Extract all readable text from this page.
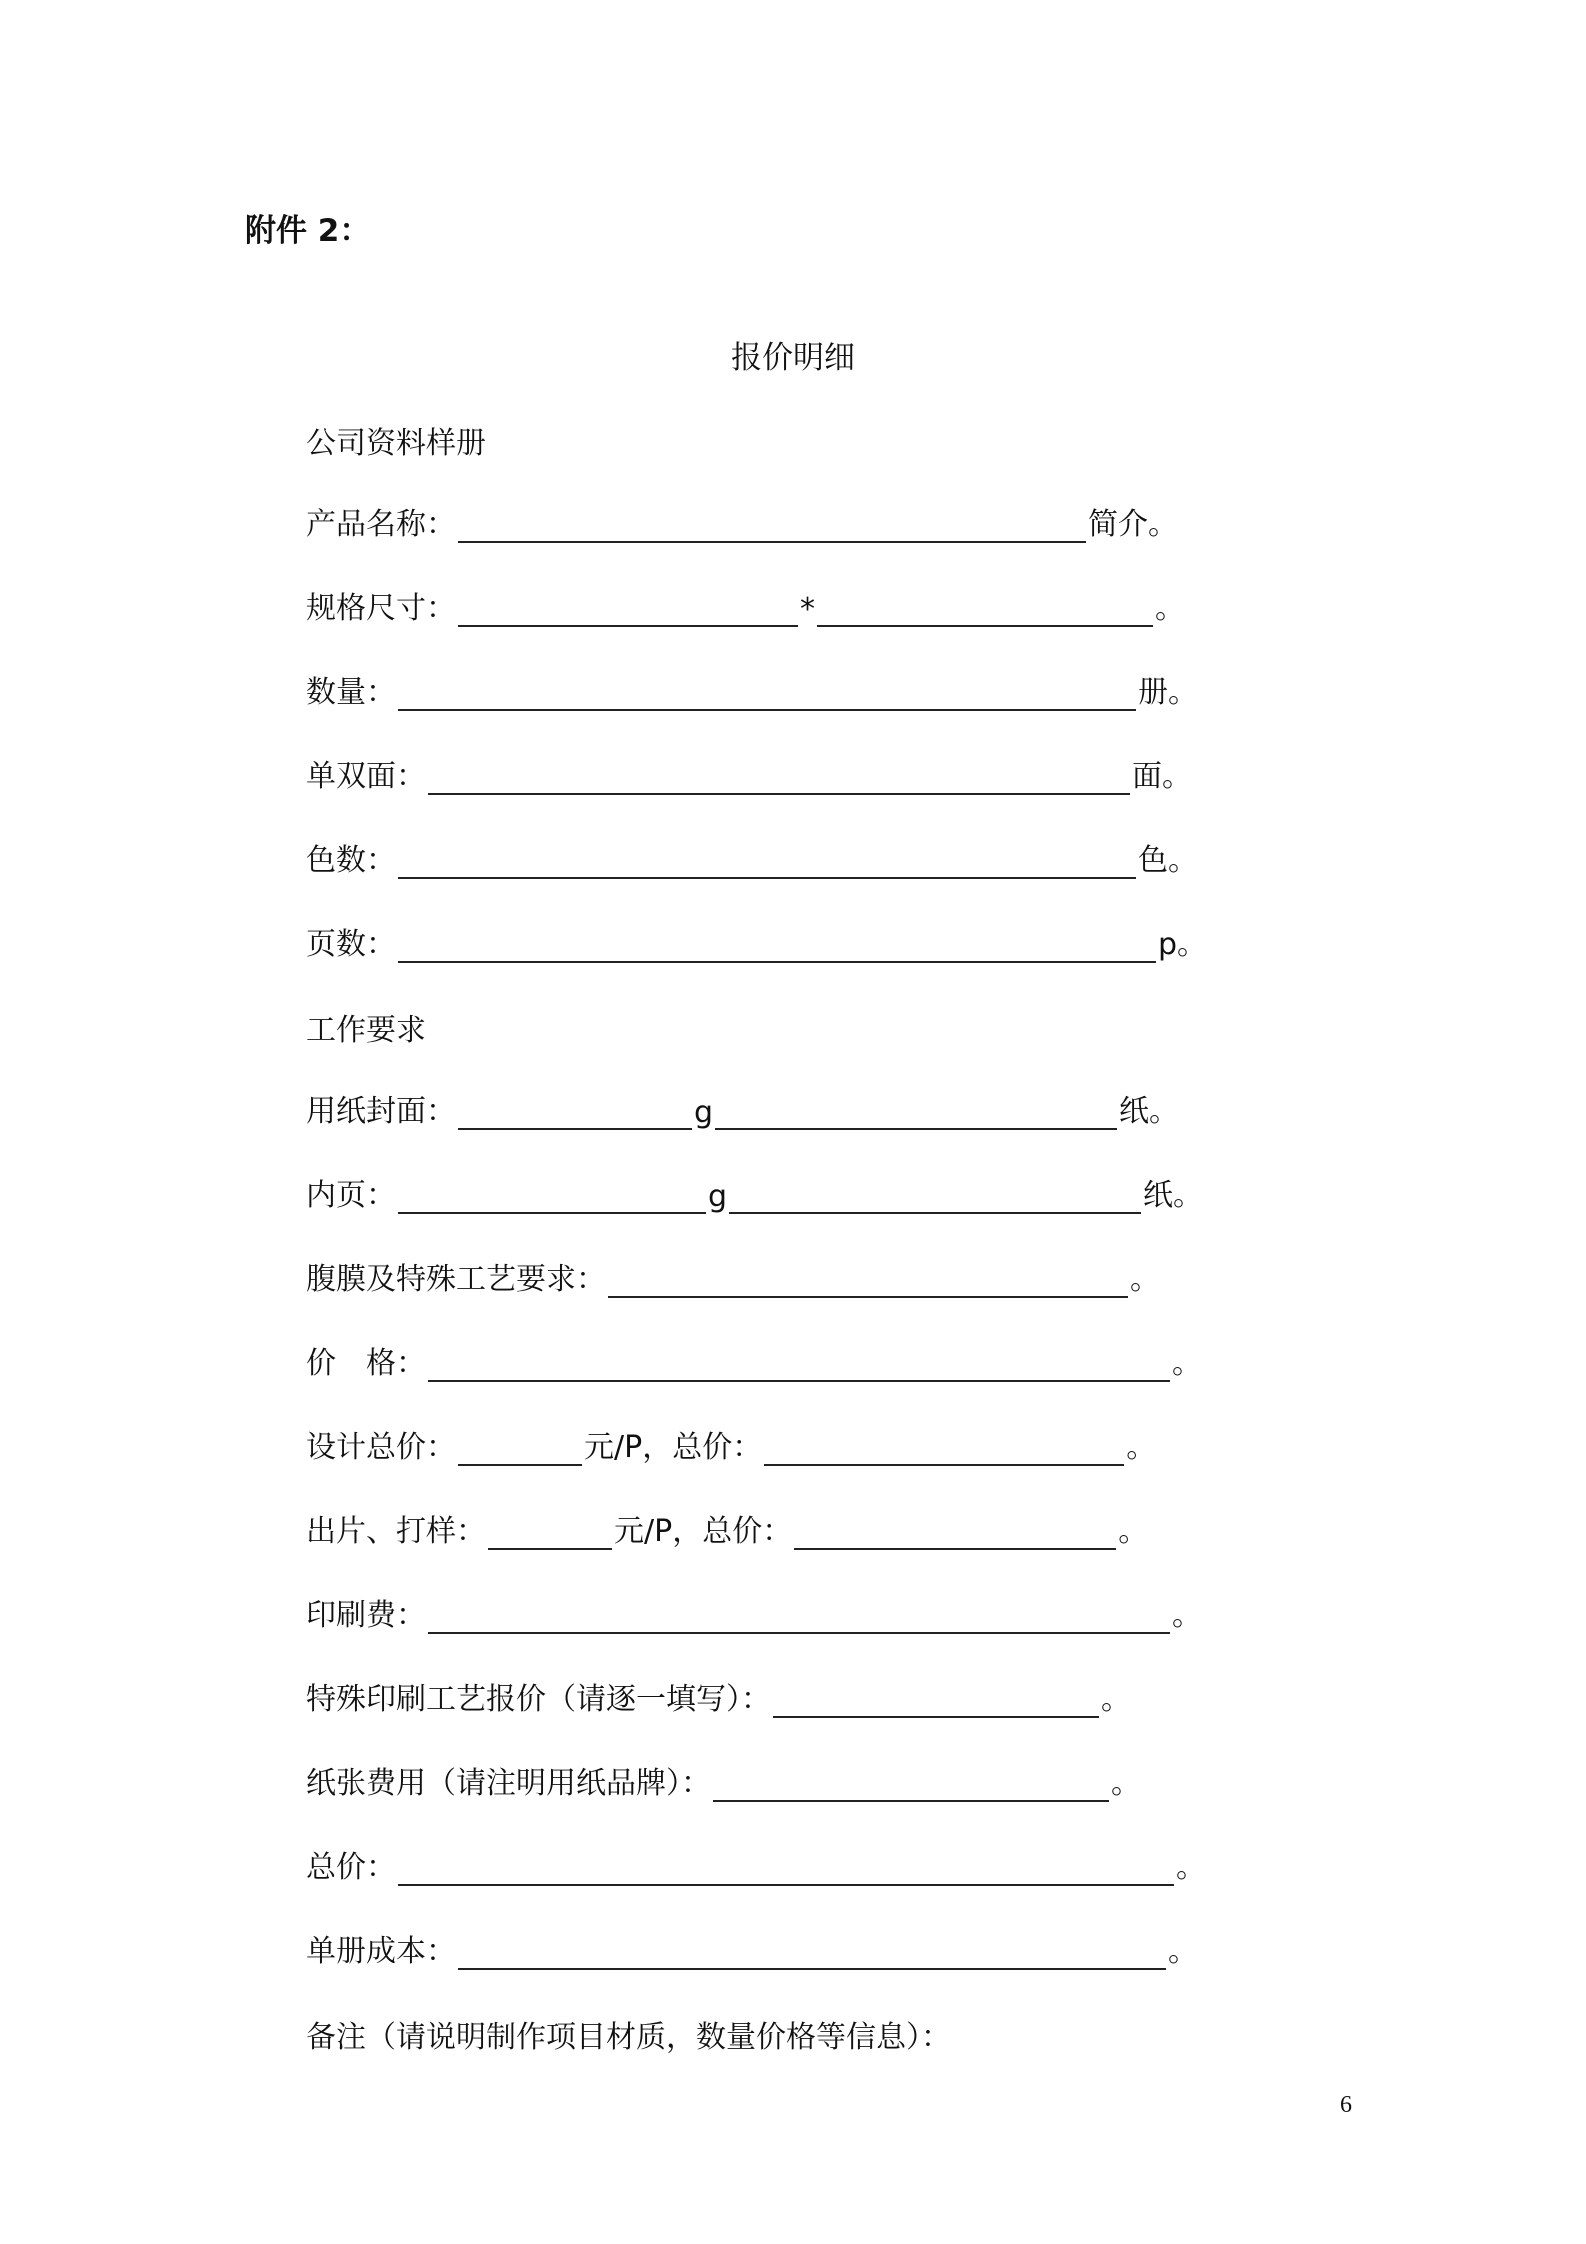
附件 2：
报价明细
公司资料样册
产品名称：	简介。
规格尺寸：	*	。
数量：	册。
单双面：	面。
色数：	色。
页数：	p。
工作要求
用纸封面：	g	纸。
内页：	g	纸。
腹膜及特殊工艺要求：	。
价　格：	。
设计总价：	元/P，总价：	。
出片、打样：	元/P，总价：	。
印刷费：	。
特殊印刷工艺报价（请逐一填写）：	。
纸张费用（请注明用纸品牌）：	。
总价：	。
单册成本：	。
备注（请说明制作项目材质，数量价格等信息）：
6
